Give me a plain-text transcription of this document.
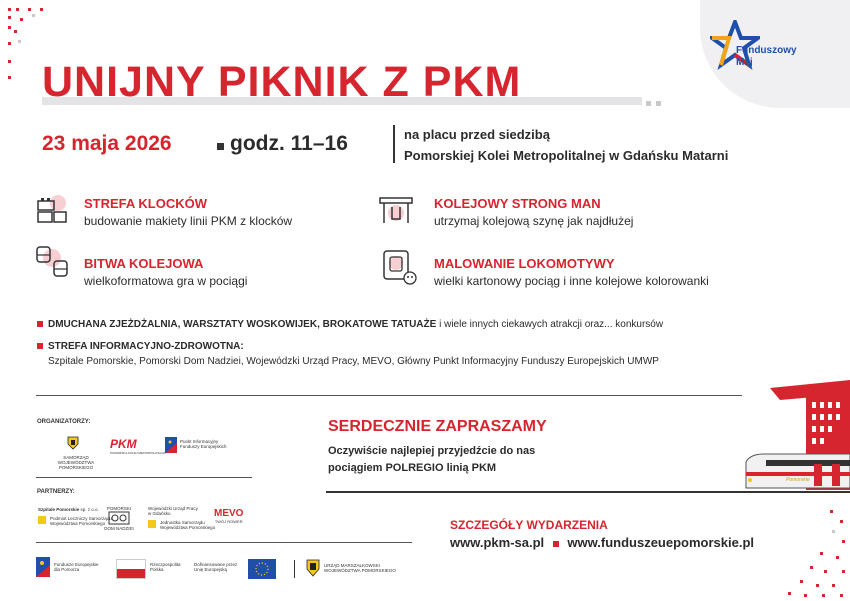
Funduszowy
Maj
UNIJNY PIKNIK Z PKM
23 maja 2026	godz. 11–16	na placu przed siedzibą
Pomorskiej Kolei Metropolitalnej w Gdańsku Matarni
STREFA KLOCKÓW
budowanie makiety linii PKM z klocków
KOLEJOWY STRONG MAN
utrzymaj kolejową szynę jak najdłużej
BITWA KOLEJOWA
wielkoformatowa gra w pociągi
MALOWANIE LOKOMOTYWY
wielki kartonowy pociąg i inne kolejowe kolorowanki
DMUCHANA ZJEŻDŻALNIA, WARSZTATY WOSKOWIJEK, BROKATOWE TATUAŻE i wiele innych ciekawych atrakcji oraz... konkursów
STREFA INFORMACYJNO-ZDROWOTNA:
Szpitale Pomorskie, Pomorski Dom Nadziei, Wojewódzki Urząd Pracy, MEVO, Główny Punkt Informacyjny Funduszy Europejskich UMWP
ORGANIZATORZY:
SAMORZĄD WOJEWÓDZTWA POMORSKIEGO
PKM
POMORSKA KOLEJ METROPOLITALNA
Punkt Informacyjny
Funduszy Europejskich
PARTNERZY:
Szpitale Pomorskie sp. z o.o.
Podmiot Leczniczy Samorządu
Województwa Pomorskiego
POMORSKI
DOM NADZIEI
Wojewódzki Urząd Pracy
w Gdańsku
Jednostka Samorządu
Województwa Pomorskiego
MEVO
TWÓJ ROWER
Fundusze Europejskie
dla Pomorza
Rzeczpospolita
Polska
Dofinansowane przez
Unię Europejską
URZĄD MARSZAŁKOWSKI
WOJEWÓDZTWA POMORSKIEGO
SERDECZNIE ZAPRASZAMY
Oczywiście najlepiej przyjedźcie do nas
pociągiem POLREGIO linią PKM
Pomorskie
SZCZEGÓŁY WYDARZENIA
www.pkm-sa.pl www.funduszeuepomorskie.pl
